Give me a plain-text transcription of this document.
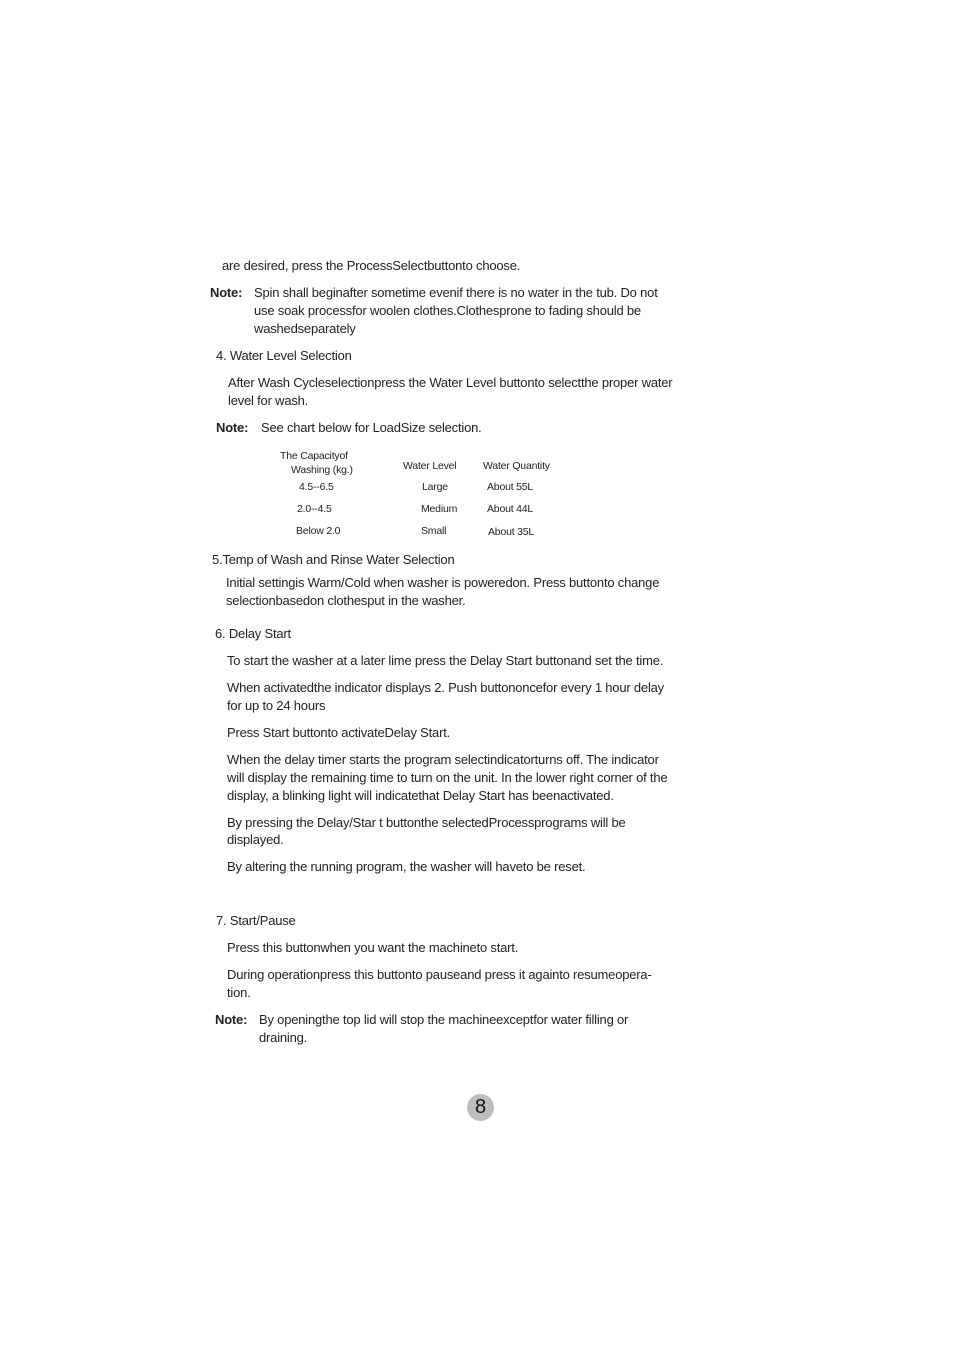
are desired, press the ProcessSelectbuttonto choose.
Note: Spin shall beginafter sometime evenif there is no water in the tub. Do not
use soak processfor woolen clothes.Clothesprone to fading should be
washedseparately
4. Water Level Selection
After Wash Cycleselectionpress the Water Level buttonto selectthe proper water
level for wash.
Note: See chart below for LoadSize selection.
The Capacityof
Washing (kg.)	Water Level	Water Quantity
4.5--6.5	Large	About 55L
2.0--4.5	Medium	About 44L
Below 2.0	Small	About 35L
5.Temp of Wash and Rinse Water Selection
Initial settingis Warm/Cold when washer is poweredon. Press buttonto change
selectionbasedon clothesput in the washer.
6. Delay Start
To start the washer at a later lime press the Delay Start buttonand set the time.
When activatedthe indicator displays 2. Push buttononcefor every 1 hour delay
for up to 24 hours
Press Start buttonto activateDelay Start.
When the delay timer starts the program selectindicatorturns off. The indicator
will display the remaining time to turn on the unit. In the lower right corner of the
display, a blinking light will indicatethat Delay Start has beenactivated.
By pressing the Delay/Star t buttonthe selectedProcessprograms will be
displayed.
By altering the running program, the washer will haveto be reset.
7. Start/Pause
Press this buttonwhen you want the machineto start.
During operationpress this buttonto pauseand press it againto resumeopera-
tion.
Note: By openingthe top lid will stop the machineexceptfor water filling or
draining.
8
